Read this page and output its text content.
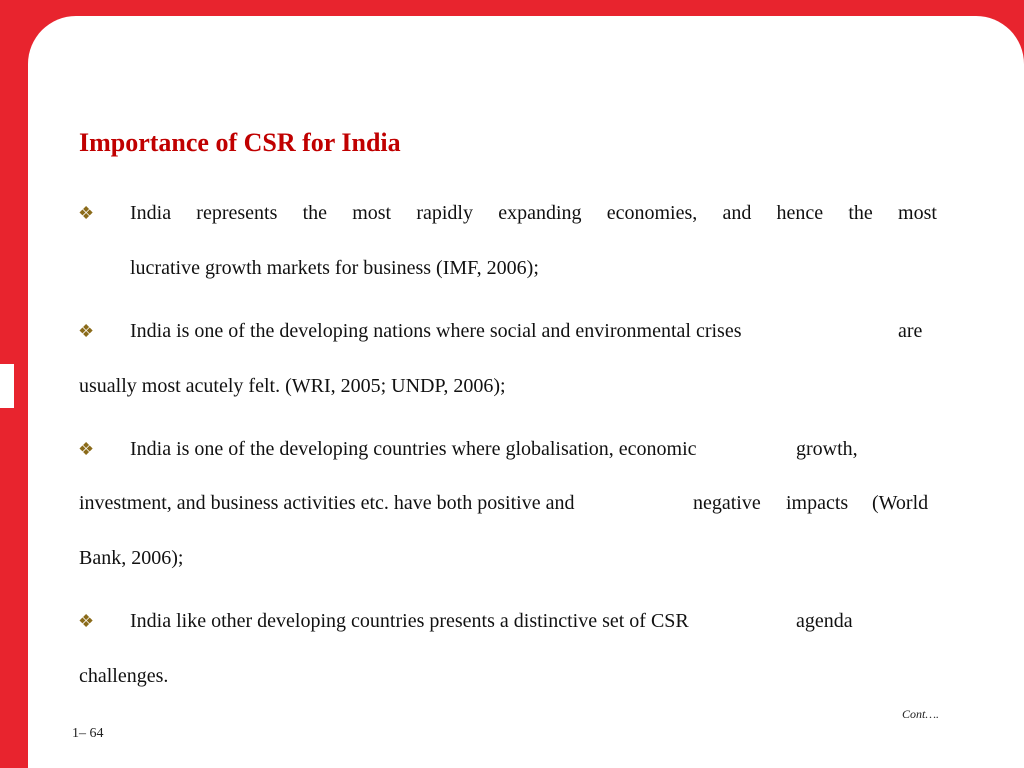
Importance of CSR for India
❖ India represents the most rapidly expanding economies, and hence the most
lucrative growth markets for business (IMF, 2006);
❖ India is one of the developing nations where social and environmental crises	are
usually most acutely felt. (WRI, 2005; UNDP, 2006);
❖ India is one of the developing countries where globalisation, economic	growth,
investment, and business activities etc. have both positive and	negative impacts (World
Bank, 2006);
❖ India like other developing countries presents a distinctive set of CSR	agenda
challenges.
Cont….
1– 64
